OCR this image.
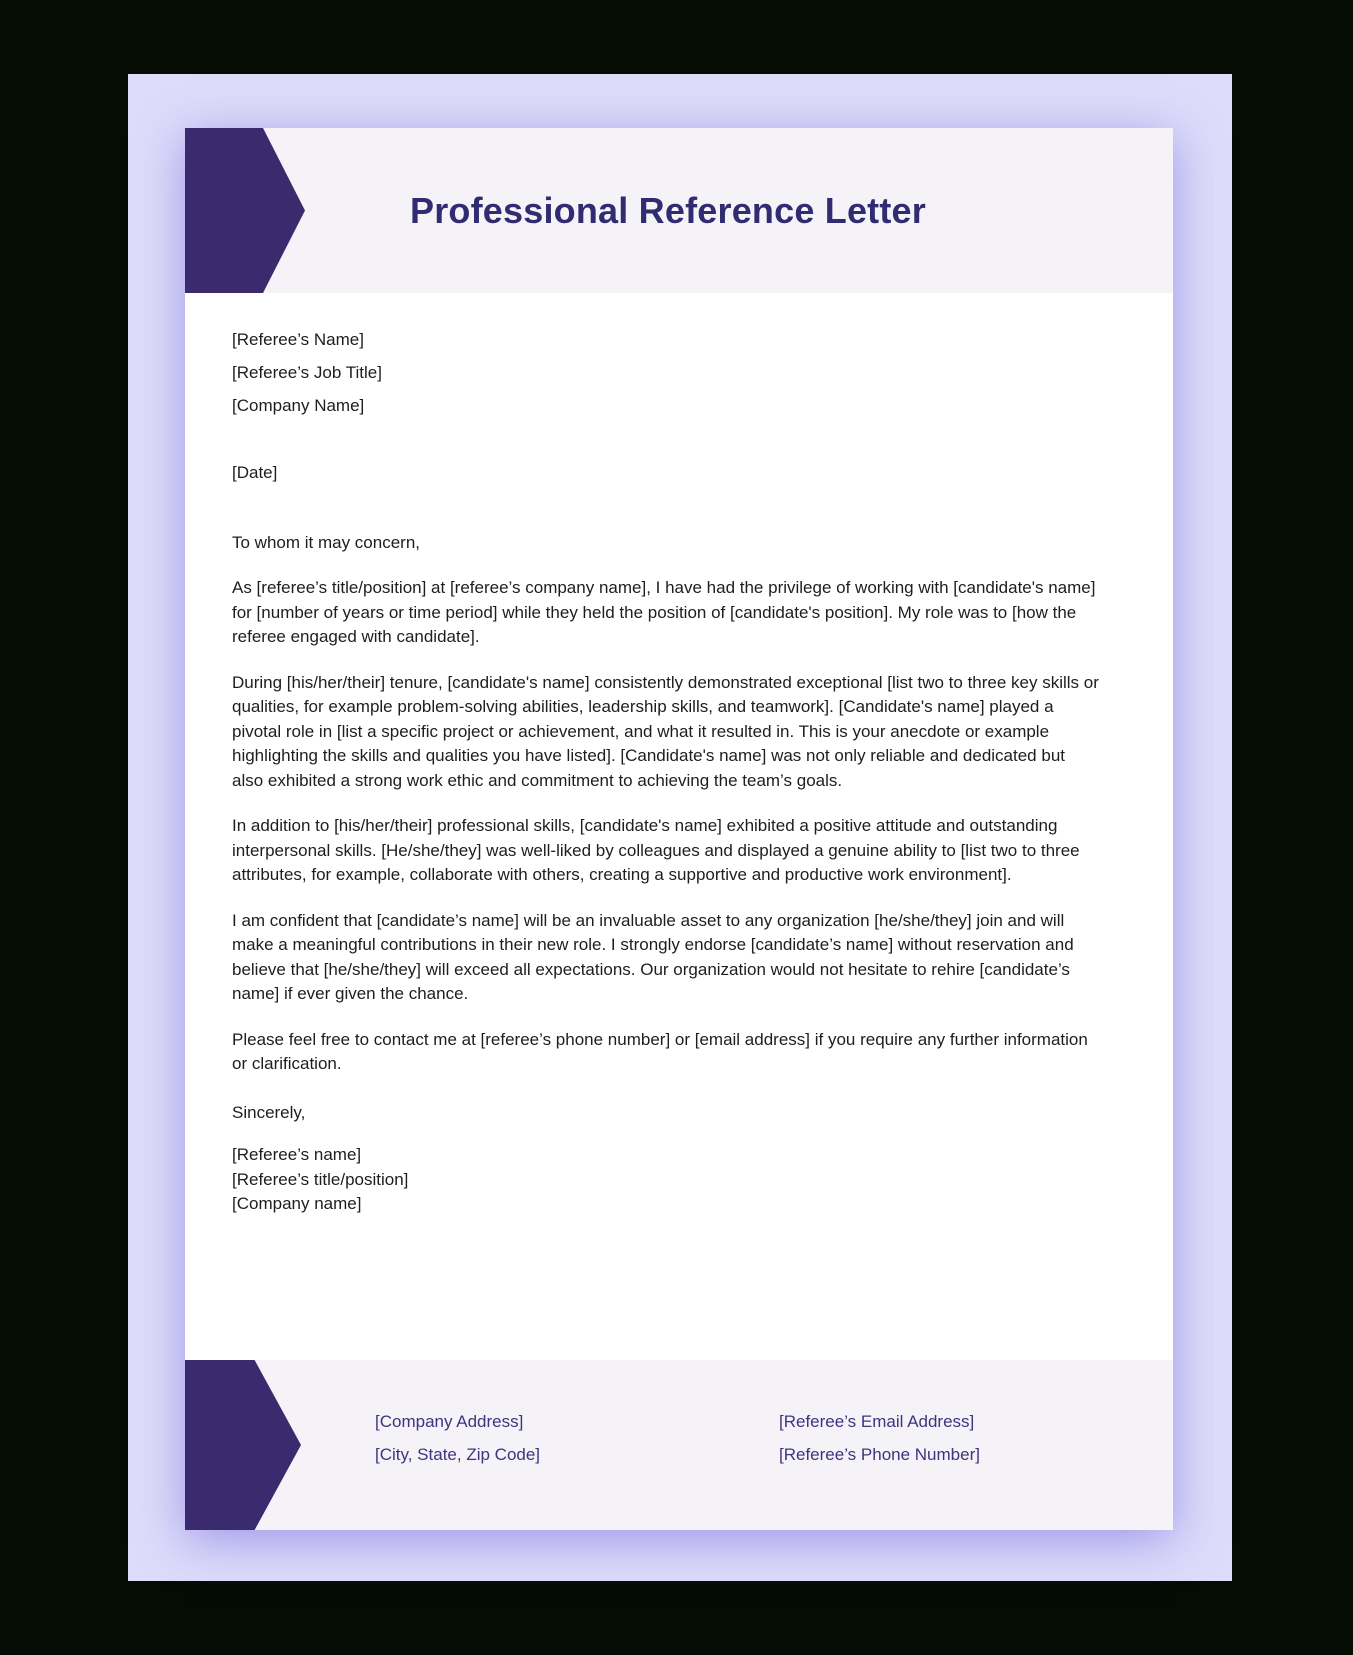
Professional Reference Letter

[Referee’s Name]

[Referee’s Job Title]

[Company Name]

[Date]

To whom it may concern,

As [referee’s title/position] at [referee’s company name], I have had the privilege of working with [candidate's name] for [number of years or time period] while they held the position of [candidate's position]. My role was to [how the referee engaged with candidate].

During [his/her/their] tenure, [candidate's name] consistently demonstrated exceptional [list two to three key skills or qualities, for example problem-solving abilities, leadership skills, and teamwork]. [Candidate's name] played a pivotal role in [list a specific project or achievement, and what it resulted in. This is your anecdote or example highlighting the skills and qualities you have listed]. [Candidate's name] was not only reliable and dedicated but also exhibited a strong work ethic and commitment to achieving the team’s goals.

In addition to [his/her/their] professional skills, [candidate's name] exhibited a positive attitude and outstanding interpersonal skills. [He/she/they] was well-liked by colleagues and displayed a genuine ability to [list two to three attributes, for example, collaborate with others, creating a supportive and productive work environment].

I am confident that [candidate’s name] will be an invaluable asset to any organization [he/she/they] join and will make a meaningful contributions in their new role. I strongly endorse [candidate’s name] without reservation and believe that [he/she/they] will exceed all expectations. Our organization would not hesitate to rehire [candidate’s name] if ever given the chance.

Please feel free to contact me at [referee’s phone number] or [email address] if you require any further information or clarification.

Sincerely,

[Referee’s name]

[Referee’s title/position]

[Company name]

[Company Address]

[City, State, Zip Code]

[Referee’s Email Address]

[Referee’s Phone Number]
